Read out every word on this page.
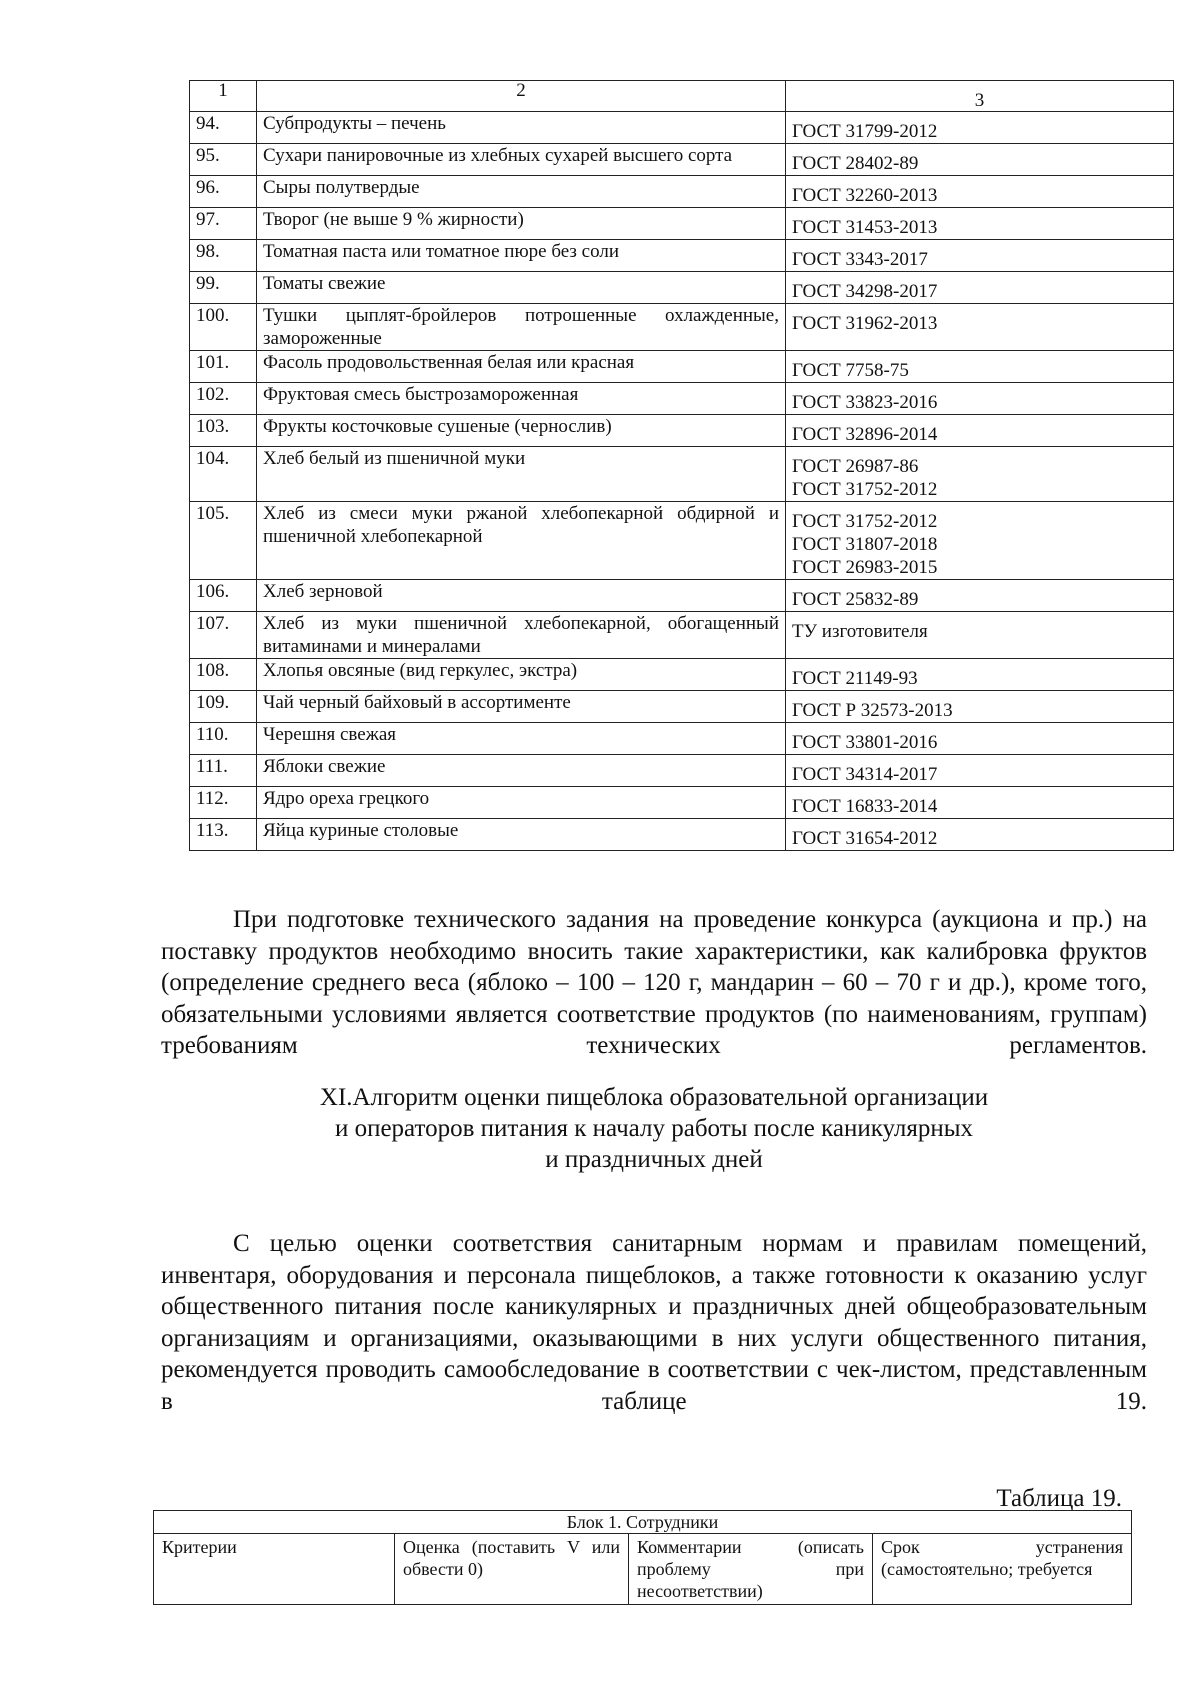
1	2	3
94.	Субпродукты – печень	ГОСТ 31799-2012

95.	Сухари панировочные из хлебных сухарей высшего сорта	ГОСТ 28402-89

96.	Сыры полутвердые	ГОСТ 32260-2013

97.	Творог (не выше 9 % жирности)	ГОСТ 31453-2013

98.	Томатная паста или томатное пюре без соли	ГОСТ 3343-2017

99.	Томаты свежие	ГОСТ 34298-2017

100.	Тушки цыплят-бройлеров потрошенные охлажденные, замороженные	ГОСТ 31962-2013

101.	Фасоль продовольственная белая или красная	ГОСТ 7758-75

102.	Фруктовая смесь быстрозамороженная	ГОСТ 33823-2016

103.	Фрукты косточковые сушеные (чернослив)	ГОСТ 32896-2014

104.	Хлеб белый из пшеничной муки	ГОСТ 26987-86
ГОСТ 31752-2012

105.	Хлеб из смеси муки ржаной хлебопекарной обдирной и пшеничной хлебопекарной	ГОСТ 31752-2012
ГОСТ 31807-2018
ГОСТ 26983-2015

106.	Хлеб зерновой	ГОСТ 25832-89

107.	Хлеб из муки пшеничной хлебопекарной, обогащенный витаминами и минералами	ТУ изготовителя

108.	Хлопья овсяные (вид геркулес, экстра)	ГОСТ 21149-93

109.	Чай черный байховый в ассортименте	ГОСТ Р 32573-2013

110.	Черешня свежая	ГОСТ 33801-2016

111.	Яблоки свежие	ГОСТ 34314-2017

112.	Ядро ореха грецкого	ГОСТ 16833-2014

113.	Яйца куриные столовые	ГОСТ 31654-2012
При подготовке технического задания на проведение конкурса (аукциона и пр.) на поставку продуктов необходимо вносить такие характеристики, как калибровка фруктов (определение среднего веса (яблоко – 100 – 120 г, мандарин – 60 – 70 г и др.), кроме того, обязательными условиями является соответствие продуктов (по наименованиям, группам) требованиям технических регламентов.
XI.Алгоритм оценки пищеблока образовательной организации
и операторов питания к началу работы после каникулярных
и праздничных дней
С целью оценки соответствия санитарным нормам и правилам помещений, инвентаря, оборудования и персонала пищеблоков, а также готовности к оказанию услуг общественного питания после каникулярных и праздничных дней общеобразовательным организациям и организациями, оказывающими в них услуги общественного питания, рекомендуется проводить самообследование в соответствии с чек-листом, представленным в таблице 19.
Таблица 19.
Блок 1. Сотрудники
Критерии	Оценка (поставить V или обвести 0)	Комментарии (описать проблему при несоответствии)	Срок устранения (самостоятельно; требуется
